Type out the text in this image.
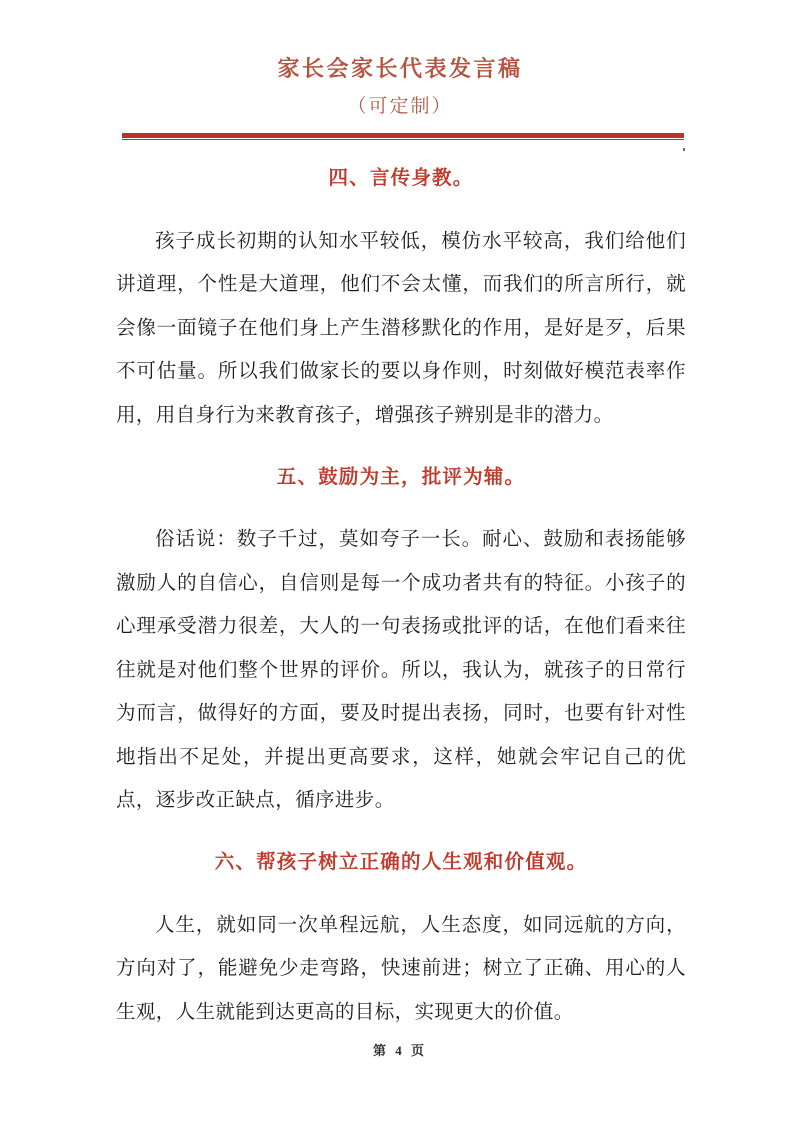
家长会家长代表发言稿
（可定制）
四、言传身教。

孩子成长初期的认知水平较低，模仿水平较高，我们给他们讲道理，个性是大道理，他们不会太懂，而我们的所言所行，就会像一面镜子在他们身上产生潜移默化的作用，是好是歹，后果不可估量。所以我们做家长的要以身作则，时刻做好模范表率作用，用自身行为来教育孩子，增强孩子辨别是非的潜力。

五、鼓励为主，批评为辅。

俗话说：数子千过，莫如夸子一长。耐心、鼓励和表扬能够激励人的自信心，自信则是每一个成功者共有的特征。小孩子的心理承受潜力很差，大人的一句表扬或批评的话，在他们看来往往就是对他们整个世界的评价。所以，我认为，就孩子的日常行为而言，做得好的方面，要及时提出表扬，同时，也要有针对性地指出不足处，并提出更高要求，这样，她就会牢记自己的优点，逐步改正缺点，循序进步。

六、帮孩子树立正确的人生观和价值观。

人生，就如同一次单程远航，人生态度，如同远航的方向，方向对了，能避免少走弯路，快速前进；树立了正确、用心的人生观，人生就能到达更高的目标，实现更大的价值。

第 4 页
